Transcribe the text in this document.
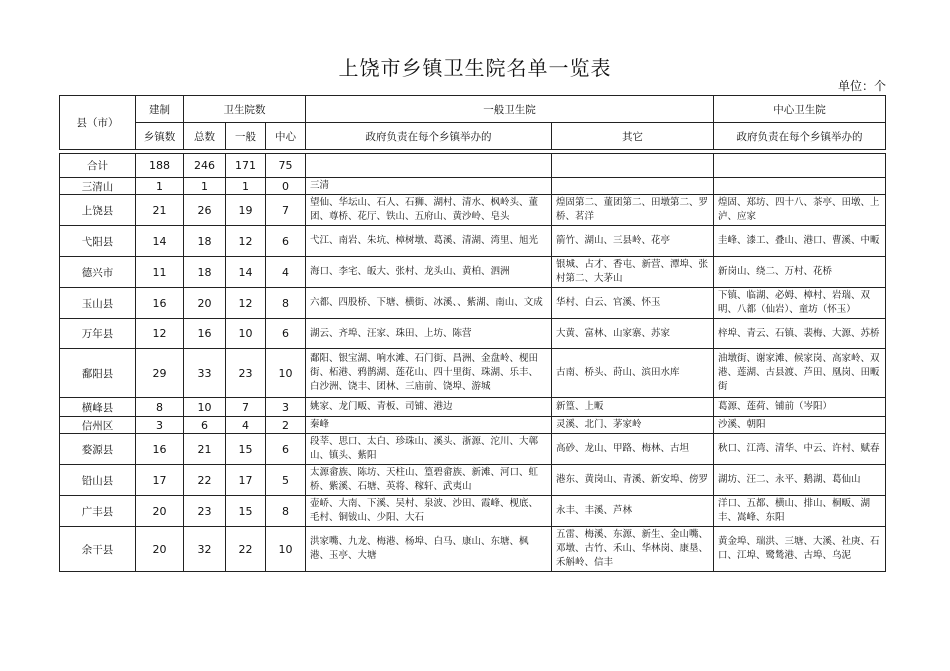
上饶市乡镇卫生院名单一览表
单位：个
县（市）	建制	卫生院数			一般卫生院		中心卫生院
	乡镇数	总数	一般	中心	政府负责在每个乡镇举办的	其它	政府负责在每个乡镇举办的

合计	188	246	171	75			
三清山	1	1	1	0	三清		
上饶县	21	26	19	7	望仙、华坛山、石人、石狮、湖村、清水、枫岭头、董团、尊桥、花厅、铁山、五府山、黄沙岭、皂头	煌固第二、董团第二、田墩第二、罗桥、茗洋	煌固、郑坊、四十八、茶亭、田墩、上泸、应家
弋阳县	14	18	12	6	弋江、南岩、朱坑、樟树墩、葛溪、清湖、湾里、旭光	箭竹、湖山、三县岭、花亭	圭峰、漆工、叠山、港口、曹溪、中畈
德兴市	11	18	14	4	海口、李宅、皈大、张村、龙头山、黄柏、泗洲	银城、占才、香屯、新营、潭埠、张村第二、大茅山	新岗山、绕二、万村、花桥
玉山县	16	20	12	8	六都、四股桥、下塘、横街、冰溪、、紫湖、南山、文成	华村、白云、官溪、怀玉	下镇、临湖、必姆、樟村、岩瑞、双明、八都（仙岩）、童坊（怀玉）
万年县	12	16	10	6	湖云、齐埠、汪家、珠田、上坊、陈营	大黄、富林、山家寨、苏家	梓埠、青云、石镇、裴梅、大源、苏桥
鄱阳县	29	33	23	10	鄱阳、银宝湖、响水滩、石门街、昌洲、金盘岭、枧田街、柘港、鸦鹊湖、莲花山、四十里街、珠湖、乐丰、白沙洲、饶丰、团林、三庙前、饶埠、游城	古南、桥头、莳山、滨田水库	油墩街、谢家滩、候家岗、高家岭、双港、莲湖、古县渡、芦田、凰岗、田畈街
横峰县	8	10	7	3	姚家、龙门畈、青板、司铺、港边	新篁、上畈	葛源、莲荷、铺前（岑阳）
信州区	3	6	4	2	秦峰	灵溪、北门、茅家岭	沙溪、朝阳
婺源县	16	21	15	6	段莘、思口、太白、珍珠山、溪头、浙源、沱川、大鄣山、镇头、紫阳	高砂、龙山、甲路、梅林、古坦	秋口、江湾、清华、中云、许村、赋春
铅山县	17	22	17	5	太源畲族、陈坊、天柱山、篁碧畲族、新滩、河口、虹桥、紫溪、石塘、英将、稼轩、武夷山	港东、黄岗山、青溪、新安埠、傍罗	湖坊、汪二、永平、鹅湖、葛仙山
广丰县	20	23	15	8	壶峤、大南、下溪、吴村、泉波、沙田、霞峰、枧底、毛村、铜钹山、少阳、大石	永丰、丰溪、芦林	洋口、五都、横山、排山、桐畈、湖丰、嵩峰、东阳
余干县	20	32	22	10	洪家嘴、九龙、梅港、杨埠、白马、康山、东塘、枫港、玉亭、大塘	五雷、梅溪、东源、新生、金山嘴、邓墩、古竹、禾山、华林岗、康垦、禾斛岭、信丰	黄金埠、瑞洪、三塘、大溪、社庚、石口、江埠、鹭鸶港、古埠、乌泥
